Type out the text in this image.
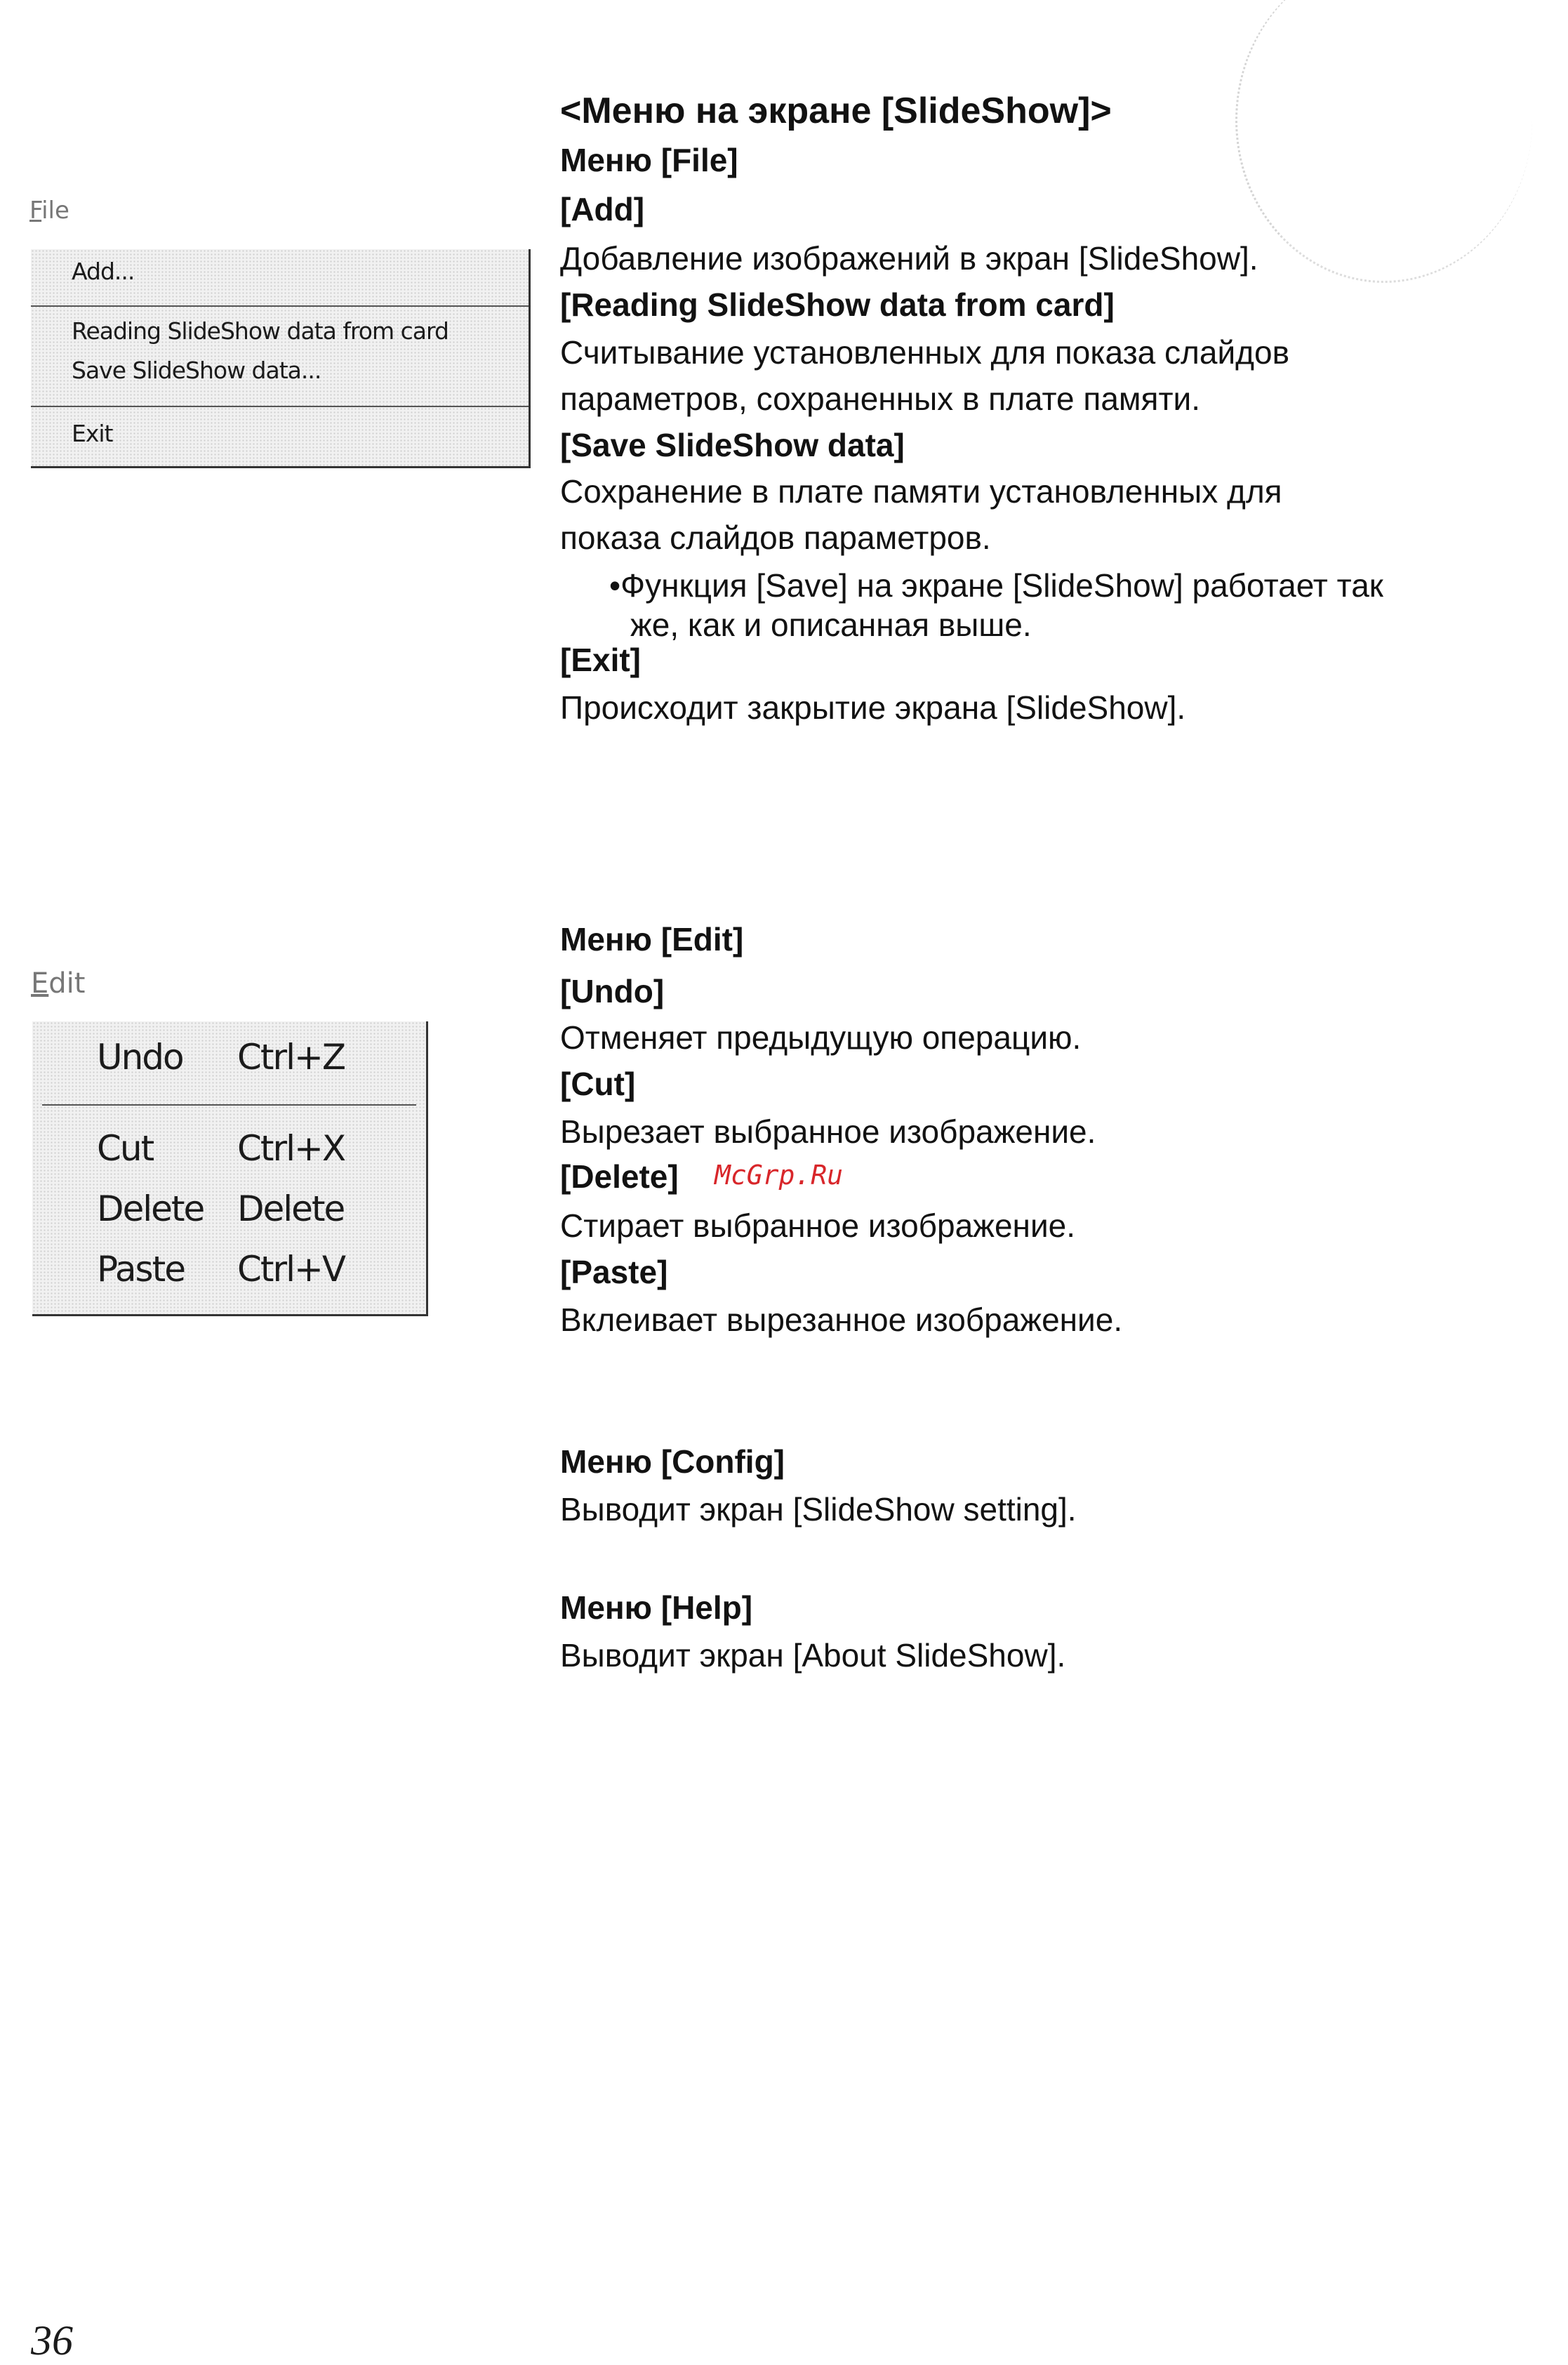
File
Add...
Reading SlideShow data from card
Save SlideShow data...
Exit
Edit
Undo Ctrl+Z
Cut Ctrl+X
Delete Delete
Paste Ctrl+V
<Меню на экране [SlideShow]>
Меню [File]
[Add]
Добавление изображений в экран [SlideShow].
[Reading SlideShow data from card]
Считывание установленных для показа слайдов
параметров, сохраненных в плате памяти.
[Save SlideShow data]
Сохранение в плате памяти установленных для
показа слайдов параметров.
•Функция [Save] на экране [SlideShow] работает так
же, как и описанная выше.
[Exit]
Происходит закрытие экрана [SlideShow].
Меню [Edit]
[Undo]
Отменяет предыдущую операцию.
[Cut]
Вырезает выбранное изображение.
[Delete] McGrp.Ru
Стирает выбранное изображение.
[Paste]
Вклеивает вырезанное изображение.
Меню [Config]
Выводит экран [SlideShow setting].
Меню [Help]
Выводит экран [About SlideShow].
36
